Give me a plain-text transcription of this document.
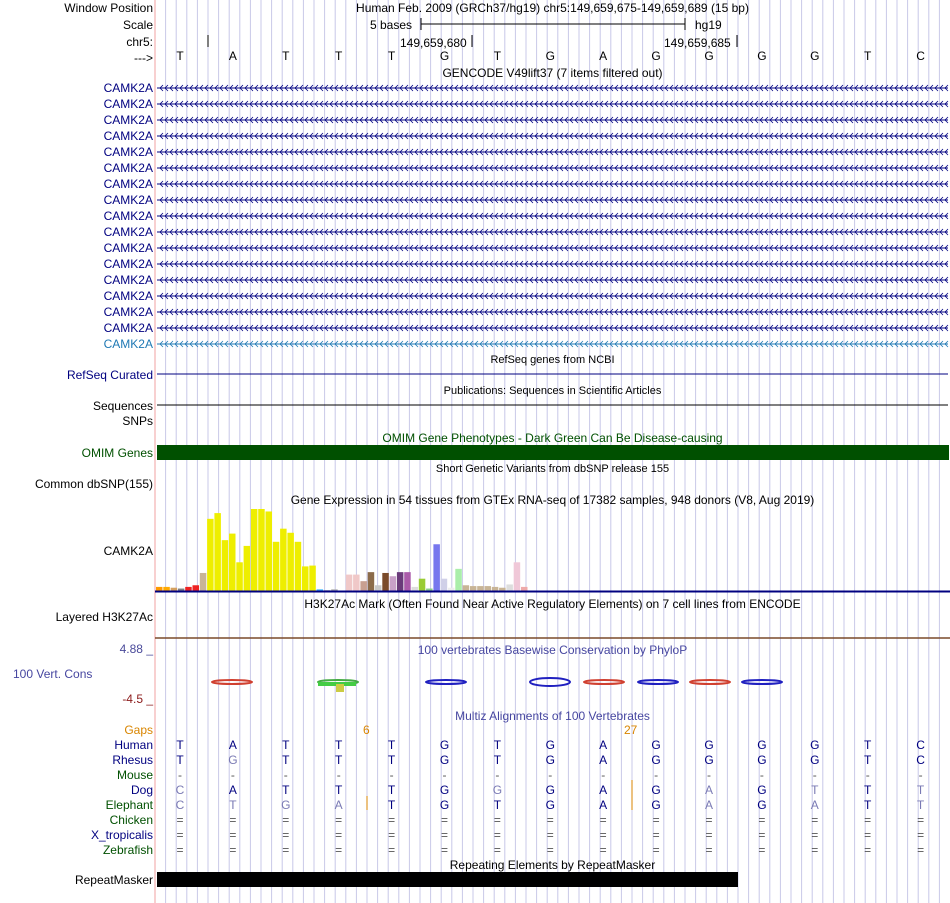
Window Position	Human Feb. 2009 (GRCh37/hg19) chr5:149,659,675-149,659,689 (15 bp)
Scale	5 bases	hg19
chr5:	149,659,680	149,659,685
--->	T	A	T	T	T	G	T	G	A	G	G	G	G	T	C
GENCODE V49lift37 (7 items filtered out)
CAMK2A
CAMK2A
CAMK2A
CAMK2A
CAMK2A
CAMK2A
CAMK2A
CAMK2A
CAMK2A
CAMK2A
CAMK2A
CAMK2A
CAMK2A
CAMK2A
CAMK2A
CAMK2A
CAMK2A
RefSeq genes from NCBI
RefSeq Curated
Publications: Sequences in Scientific Articles
Sequences
SNPs
OMIM Gene Phenotypes - Dark Green Can Be Disease-causing
OMIM Genes
Short Genetic Variants from dbSNP release 155
Common dbSNP(155)
Gene Expression in 54 tissues from GTEx RNA-seq of 17382 samples, 948 donors (V8, Aug 2019)
CAMK2A
H3K27Ac Mark (Often Found Near Active Regulatory Elements) on 7 cell lines from ENCODE
Layered H3K27Ac
100 vertebrates Basewise Conservation by PhyloP
4.88 _
100 Vert. Cons
-4.5 _
Multiz Alignments of 100 Vertebrates
Gaps	6	27
Human	T	A	T	T	T	G	T	G	A	G	G	G	G	T	C
Rhesus	T	G	T	T	T	G	T	G	A	G	G	G	G	T	C
Mouse	-	-	-	-	-	-	-	-	-	-	-	-	-	-	-
Dog	C	A	T	T	T	G	G	G	A	G	A	G	T	T	T
Elephant	C	T	G	A	T	G	T	G	A	G	A	G	A	T	T
Chicken	=	=	=	=	=	=	=	=	=	=	=	=	=	=	=
X_tropicalis	=	=	=	=	=	=	=	=	=	=	=	=	=	=	=
Zebrafish	=	=	=	=	=	=	=	=	=	=	=	=	=	=	=
Repeating Elements by RepeatMasker
RepeatMasker
